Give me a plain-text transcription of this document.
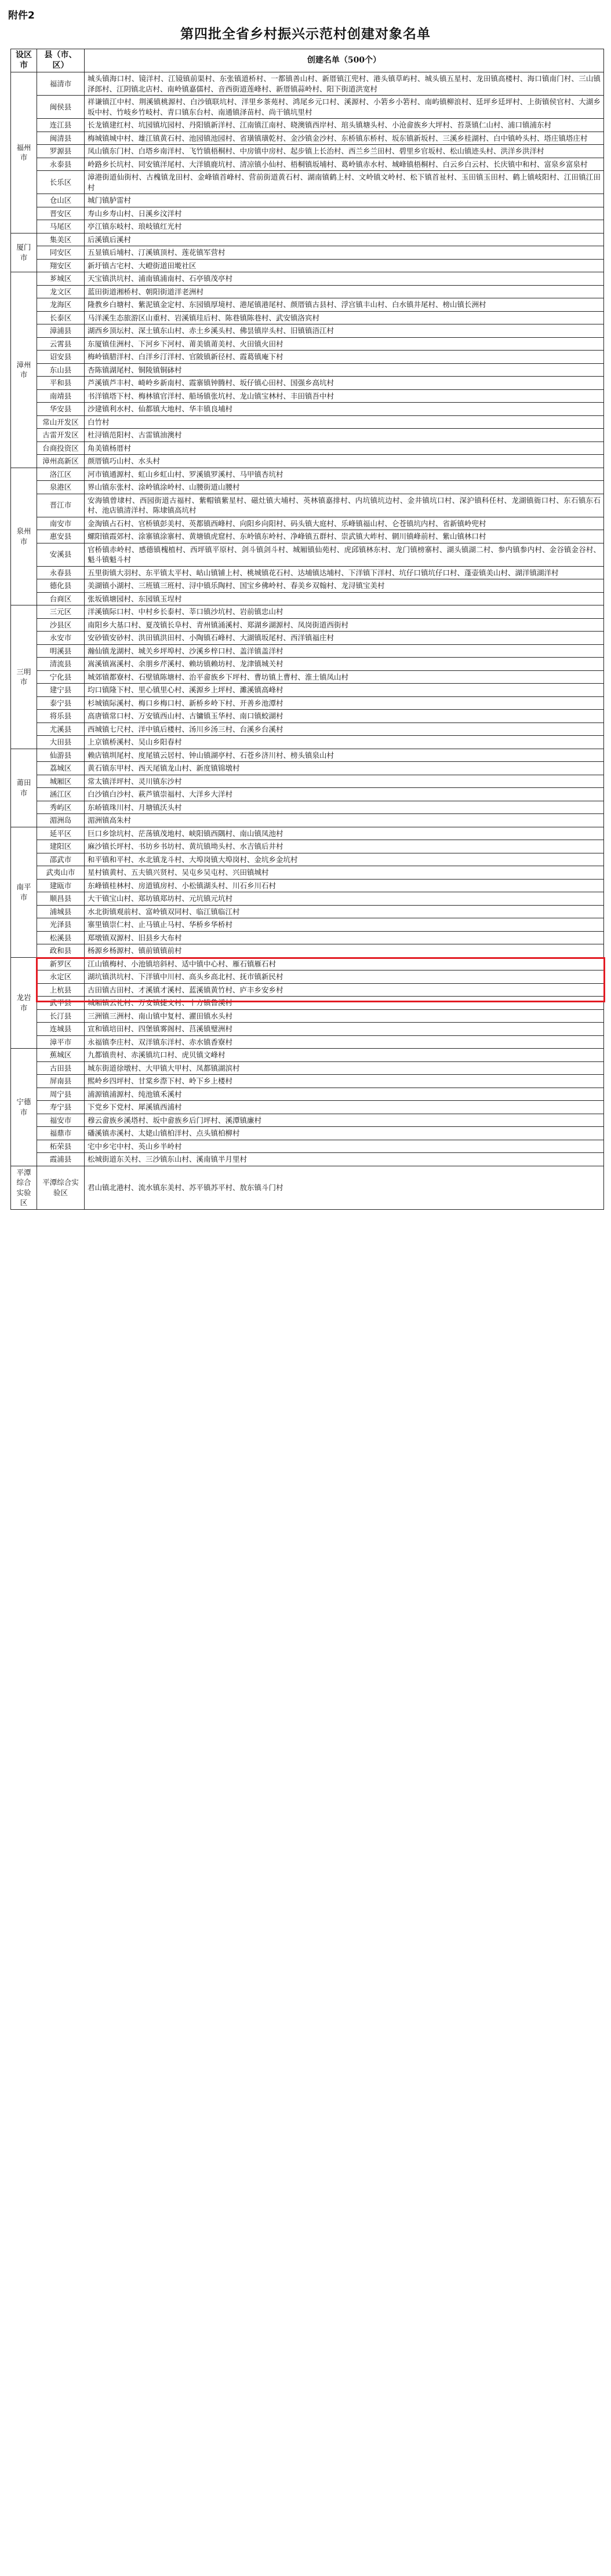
附件2
第四批全省乡村振兴示范村创建对象名单
设区市	县（市、区）	创建名单（500个）
福州市	福清市	城头镇海口村、镜洋村、江镜镇前渠村、东张镇道桥村、一都镇善山村、新厝镇江兜村、港头镇草屿村、城头镇五星村、龙田镇高楼村、海口镇南门村、三山镇泽郎村、江阴镇北店村、南岭镇嘉儒村、音西街道莲峰村、新厝镇蒜岭村、阳下街道洪宽村
	闽侯县	祥谦镇江中村、荆溪镇桃源村、白沙镇联坑村、洋里乡茶苑村、鸿尾乡元口村、溪源村、小箬乡小箬村、南屿镇柳浪村、廷坪乡廷坪村、上街镇侯官村、大湖乡坂中村、竹岐乡竹岐村、青口镇东台村、南通镇泽苗村、尚干镇坑里村
	连江县	长龙镇建红村、坑园镇坑园村、丹阳镇新洋村、江南镇江南村、晓澳镇西岸村、琯头镇塘头村、小沧畲族乡大坪村、苔菉镇仁山村、浦口镇浦东村
	闽清县	梅城镇城中村、雄江镇黄石村、池园镇池园村、省璜镇璜乾村、金沙镇金沙村、东桥镇东桥村、坂东镇新坂村、三溪乡桂湖村、白中镇岭头村、塔庄镇塔庄村
	罗源县	凤山镇东门村、白塔乡南洋村、飞竹镇梧桐村、中房镇中房村、起步镇上长治村、西兰乡兰田村、碧里乡官坂村、松山镇迹头村、洪洋乡洪洋村
	永泰县	岭路乡长坑村、同安镇洋尾村、大洋镇鹿坑村、清凉镇小仙村、梧桐镇坂埔村、葛岭镇赤水村、城峰镇梧桐村、白云乡白云村、长庆镇中和村、富泉乡富泉村
	长乐区	漳港街道仙街村、古槐镇龙田村、金峰镇首峰村、营前街道黄石村、湖南镇鹤上村、文岭镇文岭村、松下镇首祉村、玉田镇玉田村、鹤上镇岐阳村、江田镇江田村
	仓山区	城门镇胪雷村
	晋安区	寿山乡寿山村、日溪乡汶洋村
	马尾区	亭江镇东岐村、琅岐镇红光村
厦门市	集美区	后溪镇后溪村
	同安区	五显镇后埔村、汀溪镇顶村、莲花镇军营村
	翔安区	新圩镇古宅村、大嶝街道田墘社区
漳州市	芗城区	天宝镇洪坑村、浦南镇浦南村、石亭镇茂亭村
	龙文区	蓝田街道湘桥村、朝阳街道洋老洲村
	龙海区	隆教乡白塘村、紫泥镇金定村、东园镇厚境村、港尾镇港尾村、颜厝镇古县村、浮宫镇丰山村、白水镇井尾村、榜山镇长洲村
	长泰区	马洋溪生态旅游区山重村、岩溪镇珪后村、陈巷镇陈巷村、武安镇洛宾村
	漳浦县	湖西乡顶坛村、深土镇东山村、赤土乡溪头村、佛昙镇岸头村、旧镇镇浯江村
	云霄县	东厦镇佳洲村、下河乡下河村、莆美镇莆美村、火田镇火田村
	诏安县	梅岭镇腊洋村、白洋乡汀洋村、官陂镇新径村、霞葛镇庵下村
	东山县	杏陈镇湖尾村、铜陵镇铜砵村
	平和县	芦溪镇芦丰村、崎岭乡新南村、霞寨镇钟腾村、坂仔镇心田村、国强乡高坑村
	南靖县	书洋镇塔下村、梅林镇官洋村、船场镇张坑村、龙山镇宝林村、丰田镇吾中村
	华安县	沙建镇利水村、仙都镇大地村、华丰镇良埔村
	常山开发区	白竹村
	古雷开发区	杜浔镇范阳村、古雷镇油澳村
	台商投资区	角美镇杨厝村
	漳州高新区	颜厝镇巧山村、水头村
泉州市	洛江区	河市镇通源村、虹山乡虹山村、罗溪镇罗溪村、马甲镇杏坑村
	泉港区	界山镇东张村、涂岭镇涂岭村、山腰街道山腰村
	晋江市	安海镇曾埭村、西园街道古福村、紫帽镇紫星村、磁灶镇大埔村、英林镇嘉排村、内坑镇坑边村、金井镇坑口村、深沪镇科任村、龙湖镇衙口村、东石镇东石村、池店镇清洋村、陈埭镇高坑村
	南安市	金淘镇占石村、官桥镇彭美村、英都镇西峰村、向阳乡向阳村、码头镇大庭村、乐峰镇福山村、仑苍镇坑内村、省新镇岭兜村
	惠安县	螺阳镇霞郊村、涂寨镇涂寨村、黄塘镇虎窟村、东岭镇东岭村、净峰镇五群村、崇武镇大岞村、辋川镇峰前村、紫山镇林口村
	安溪县	官桥镇赤岭村、感德镇槐植村、西坪镇平原村、剑斗镇剑斗村、城厢镇仙苑村、虎邱镇林东村、龙门镇榜寨村、湖头镇湖二村、参内镇参内村、金谷镇金谷村、魁斗镇魁斗村
	永春县	五里街镇大羽村、东平镇太平村、岵山镇铺上村、桃城镇花石村、达埔镇达埔村、下洋镇下洋村、坑仔口镇坑仔口村、蓬壶镇美山村、湖洋镇湖洋村
	德化县	美湖镇小湖村、三班镇三班村、浔中镇乐陶村、国宝乡佛岭村、春美乡双翰村、龙浔镇宝美村
	台商区	张坂镇塘园村、东园镇玉埕村
三明市	三元区	洋溪镇际口村、中村乡长泰村、莘口镇沙坑村、岩前镇忠山村
	沙县区	南阳乡大基口村、夏茂镇长阜村、青州镇涌溪村、郑湖乡湖源村、凤岗街道西街村
	永安市	安砂镇安砂村、洪田镇洪田村、小陶镇石峰村、大湖镇坂尾村、西洋镇福庄村
	明溪县	瀚仙镇龙湖村、城关乡坪埠村、沙溪乡梓口村、盖洋镇盖洋村
	清流县	嵩溪镇嵩溪村、余朋乡芹溪村、赖坊镇赖坊村、龙津镇城关村
	宁化县	城郊镇都寮村、石壁镇陈塘村、治平畲族乡下坪村、曹坊镇上曹村、淮土镇凤山村
	建宁县	均口镇隆下村、里心镇里心村、溪源乡上坪村、濉溪镇高峰村
	泰宁县	杉城镇际溪村、梅口乡梅口村、新桥乡岭下村、开善乡池潭村
	将乐县	高唐镇常口村、万安镇西山村、古镛镇玉华村、南口镇蛟湖村
	尤溪县	西城镇七尺村、洋中镇后楼村、汤川乡汤三村、台溪乡台溪村
	大田县	上京镇桥溪村、吴山乡阳春村
莆田市	仙游县	赖店镇圳尾村、度尾镇云居村、钟山镇湖亭村、石苍乡济川村、榜头镇泉山村
	荔城区	黄石镇东甲村、西天尾镇龙山村、新度镇锦墩村
	城厢区	常太镇洋坪村、灵川镇东沙村
	涵江区	白沙镇白沙村、萩芦镇崇福村、大洋乡大洋村
	秀屿区	东峤镇珠川村、月塘镇沃头村
	湄洲岛	湄洲镇高朱村
南平市	延平区	巨口乡馀坑村、茫荡镇茂地村、峡阳镇西隅村、南山镇凤池村
	建阳区	麻沙镇长坪村、书坊乡书坊村、黄坑镇坳头村、水吉镇后井村
	邵武市	和平镇和平村、水北镇龙斗村、大埠岗镇大埠岗村、金坑乡金坑村
	武夷山市	星村镇黄村、五夫镇兴贤村、吴屯乡吴屯村、兴田镇城村
	建瓯市	东峰镇桂林村、房道镇房村、小松镇湖头村、川石乡川石村
	顺昌县	大干镇宝山村、郑坊镇郑坊村、元坑镇元坑村
	浦城县	水北街镇观前村、富岭镇双同村、临江镇临江村
	光泽县	寨里镇崇仁村、止马镇止马村、华桥乡华桥村
	松溪县	郑墩镇双源村、旧县乡大布村
	政和县	杨源乡杨源村、镇前镇镇前村
龙岩市	新罗区	江山镇梅村、小池镇培斜村、适中镇中心村、雁石镇雁石村
	永定区	湖坑镇洪坑村、下洋镇中川村、高头乡高北村、抚市镇新民村
	上杭县	古田镇古田村、才溪镇才溪村、蓝溪镇黄竹村、庐丰乡安乡村
	武平县	城厢镇云礼村、万安镇捷文村、十方镇鲁溪村
	长汀县	三洲镇三洲村、南山镇中复村、濯田镇水头村
	连城县	宣和镇培田村、四堡镇雾阁村、莒溪镇璧洲村
	漳平市	永福镇李庄村、双洋镇东洋村、赤水镇香寮村
宁德市	蕉城区	九都镇贵村、赤溪镇坑口村、虎贝镇文峰村
	古田县	城东街道徐墩村、大甲镇大甲村、凤都镇湖滨村
	屏南县	熙岭乡四坪村、甘棠乡漈下村、岭下乡上楼村
	周宁县	浦源镇浦源村、纯池镇禾溪村
	寿宁县	下党乡下党村、犀溪镇西浦村
	福安市	穆云畲族乡溪塔村、坂中畲族乡后门坪村、溪潭镇廉村
	福鼎市	磻溪镇赤溪村、太姥山镇柏洋村、点头镇柏柳村
	柘荣县	宅中乡宅中村、英山乡半岭村
	霞浦县	松城街道东关村、三沙镇东山村、溪南镇半月里村
平潭综合实验区	平潭综合实验区	君山镇北港村、流水镇东美村、苏平镇苏平村、敖东镇斗门村
